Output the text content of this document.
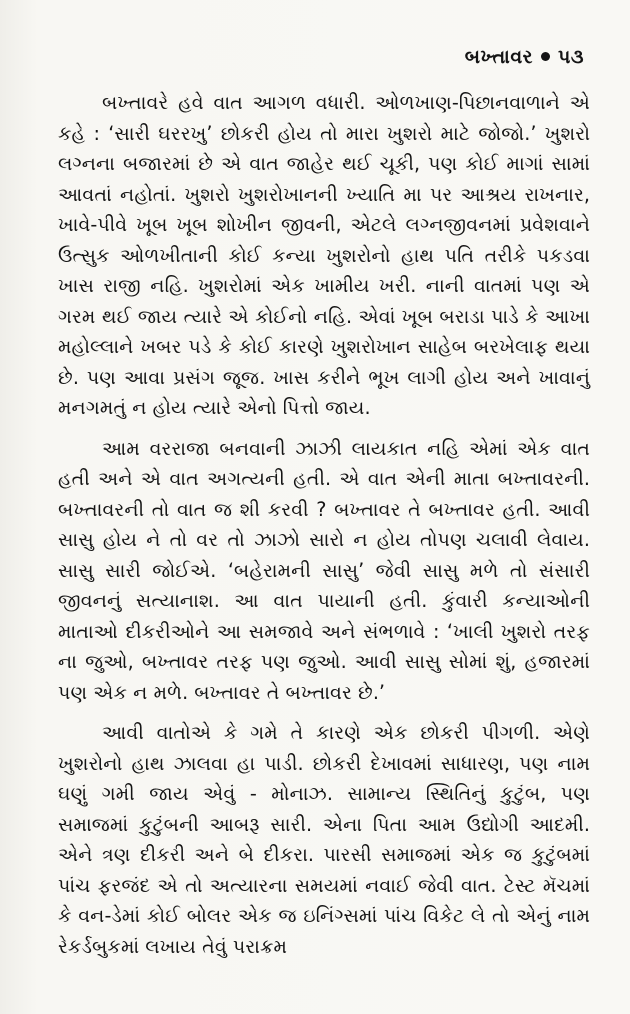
બખ્તાવર પ૩

બખ્તાવરે હવે વાત આગળ વધારી. ઓળખાણ-પિછાનવાળાને એ કહે : ‘સારી ઘરરખુ’ છોકરી હોય તો મારા ખુશરો માટે જોજો.’ ખુશરો લગ્નના બજારમાં છે એ વાત જાહેર થઈ ચૂકી, પણ કોઈ માગાં સામાં આવતાં નહોતાં. ખુશરો ખુશરોખાનની ખ્યાતિ મા પર આશ્રય રાખનાર, ખાવે-પીવે ખૂબ ખૂબ શોખીન જીવની, એટલે લગ્નજીવનમાં પ્રવેશવાને ઉત્સુક ઓળખીતાની કોઈ કન્યા ખુશરોનો હાથ પતિ તરીકે પકડવા ખાસ રાજી નહિ. ખુશરોમાં એક ખામીય ખરી. નાની વાતમાં પણ એ ગરમ થઈ જાય ત્યારે એ કોઈનો નહિ. એવાં ખૂબ બરાડા પાડે કે આખા મહોલ્લાને ખબર પડે કે કોઈ કારણે ખુશરોખાન સાહેબ બરખેલાફ થયા છે. પણ આવા પ્રસંગ જૂજ. ખાસ કરીને ભૂખ લાગી હોય અને ખાવાનું મનગમતું ન હોય ત્યારે એનો પિત્તો જાય.

આમ વરરાજા બનવાની ઝાઝી લાયકાત નહિ એમાં એક વાત હતી અને એ વાત અગત્યની હતી. એ વાત એની માતા બખ્તાવરની. બખ્તાવરની તો વાત જ શી કરવી ? બખ્તાવર તે બખ્તાવર હતી. આવી સાસુ હોય ને તો વર તો ઝાઝો સારો ન હોય તોપણ ચલાવી લેવાય. સાસુ સારી જોઈએ. ‘બહેરામની સાસુ’ જેવી સાસુ મળે તો સંસારી જીવનનું સત્યાનાશ. આ વાત પાયાની હતી. કુંવારી કન્યાઓની માતાઓ દીકરીઓને આ સમજાવે અને સંભળાવે : ‘ખાલી ખુશરો તરફ ના જુઓ, બખ્તાવર તરફ પણ જુઓ. આવી સાસુ સોમાં શું, હજારમાં પણ એક ન મળે. બખ્તાવર તે બખ્તાવર છે.’

આવી વાતોએ કે ગમે તે કારણે એક છોકરી પીગળી. એણે ખુશરોનો હાથ ઝાલવા હા પાડી. છોકરી દેખાવમાં સાધારણ, પણ નામ ઘણું ગમી જાય એવું - મોનાઝ. સામાન્ય સ્થિતિનું કુટુંબ, પણ સમાજમાં કુટુંબની આબરૂ સારી. એના પિતા આમ ઉદ્યોગી આદમી. એને ત્રણ દીકરી અને બે દીકરા. પારસી સમાજમાં એક જ કુટુંબમાં પાંચ ફરજંદ એ તો અત્યારના સમયમાં નવાઈ જેવી વાત. ટેસ્ટ મૅચમાં કે વન-ડેમાં કોઈ બોલર એક જ ઇનિંગ્સમાં પાંચ વિકેટ લે તો એનું નામ રેકર્ડબુકમાં લખાય તેવું પરાક્રમ
